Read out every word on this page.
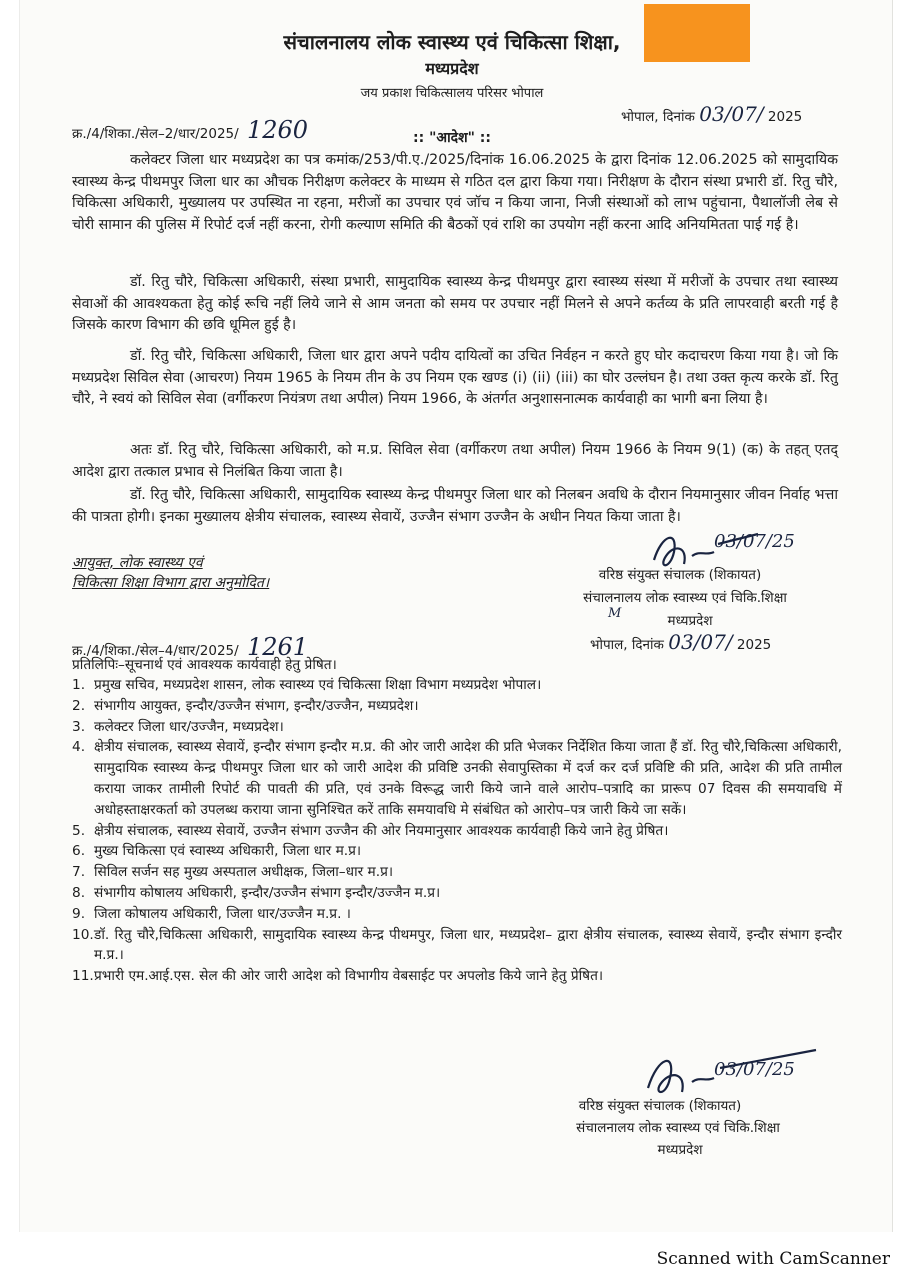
संचालनालय लोक स्वास्थ्य एवं चिकित्सा शिक्षा,
मध्यप्रदेश
जय प्रकाश चिकित्सालय परिसर भोपाल
क्र./4/शिका./सेल–2/धार/2025/ 1260	भोपाल, दिनांक 03/07/ 2025
:: "आदेश" ::
कलेक्टर जिला धार मध्यप्रदेश का पत्र कमांक/253/पी.ए./2025/दिनांक 16.06.2025 के द्वारा दिनांक 12.06.2025 को सामुदायिक स्वास्थ्य केन्द्र पीथमपुर जिला धार का औचक निरीक्षण कलेक्टर के माध्यम से गठित दल द्वारा किया गया। निरीक्षण के दौरान संस्था प्रभारी डॉ. रितु चौरे, चिकित्सा अधिकारी, मुख्यालय पर उपस्थित ना रहना, मरीजों का उपचार एवं जॉच न किया जाना, निजी संस्थाओं को लाभ पहुंचाना, पैथालॉजी लेब से चोरी सामान की पुलिस में रिपोर्ट दर्ज नहीं करना, रोगी कल्याण समिति की बैठकों एवं राशि का उपयोग नहीं करना आदि अनियमितता पाई गई है।
डॉ. रितु चौरे, चिकित्सा अधिकारी, संस्था प्रभारी, सामुदायिक स्वास्थ्य केन्द्र पीथमपुर द्वारा स्वास्थ्य संस्था में मरीजों के उपचार तथा स्वास्थ्य सेवाओं की आवश्यकता हेतु कोई रूचि नहीं लिये जाने से आम जनता को समय पर उपचार नहीं मिलने से अपने कर्तव्य के प्रति लापरवाही बरती गई है जिसके कारण विभाग की छवि धूमिल हुई है।
डॉ. रितु चौरे, चिकित्सा अधिकारी, जिला धार द्वारा अपने पदीय दायित्वों का उचित निर्वहन न करते हुए घोर कदाचरण किया गया है। जो कि मध्यप्रदेश सिविल सेवा (आचरण) नियम 1965 के नियम तीन के उप नियम एक खण्ड (i) (ii) (iii) का घोर उल्लंघन है। तथा उक्त कृत्य करके डॉ. रितु चौरे, ने स्वयं को सिविल सेवा (वर्गीकरण नियंत्रण तथा अपील) नियम 1966, के अंतर्गत अनुशासनात्मक कार्यवाही का भागी बना लिया है।
अतः डॉ. रितु चौरे, चिकित्सा अधिकारी, को म.प्र. सिविल सेवा (वर्गीकरण तथा अपील) नियम 1966 के नियम 9(1) (क) के तहत् एतद् आदेश द्वारा तत्काल प्रभाव से निलंबित किया जाता है।
डॉ. रितु चौरे, चिकित्सा अधिकारी, सामुदायिक स्वास्थ्य केन्द्र पीथमपुर जिला धार को निलबन अवधि के दौरान नियमानुसार जीवन निर्वाह भत्ता की पात्रता होगी। इनका मुख्यालय क्षेत्रीय संचालक, स्वास्थ्य सेवायें, उज्जैन संभाग उज्जैन के अधीन नियत किया जाता है।
आयुक्त, लोक स्वास्थ्य एवं
चिकित्सा शिक्षा विभाग द्वारा अनुमोदित।
03/07/25
वरिष्ठ संयुक्त संचालक (शिकायत)
संचालनालय लोक स्वास्थ्य एवं चिकि.शिक्षा
M	मध्यप्रदेश
क्र./4/शिका./सेल–4/धार/2025/ 1261	भोपाल, दिनांक 03/07/ 2025
प्रतिलिपिः–सूचनार्थ एवं आवश्यक कार्यवाही हेतु प्रेषित।
1. प्रमुख सचिव, मध्यप्रदेश शासन, लोक स्वास्थ्य एवं चिकित्सा शिक्षा विभाग मध्यप्रदेश भोपाल।
2. संभागीय आयुक्त, इन्दौर/उज्जैन संभाग, इन्दौर/उज्जैन, मध्यप्रदेश।
3. कलेक्टर जिला धार/उज्जैन, मध्यप्रदेश।
4. क्षेत्रीय संचालक, स्वास्थ्य सेवायें, इन्दौर संभाग इन्दौर म.प्र. की ओर जारी आदेश की प्रति भेजकर निर्देशित किया जाता हैं डॉ. रितु चौरे,चिकित्सा अधिकारी, सामुदायिक स्वास्थ्य केन्द्र पीथमपुर जिला धार को जारी आदेश की प्रविष्टि उनकी सेवापुस्तिका में दर्ज कर दर्ज प्रविष्टि की प्रति, आदेश की प्रति तामील कराया जाकर तामीली रिपोर्ट की पावती की प्रति, एवं उनके विरूद्ध जारी किये जाने वाले आरोप–पत्रादि का प्रारूप 07 दिवस की समयावधि में अधोहस्ताक्षरकर्ता को उपलब्ध कराया जाना सुनिश्चित करें ताकि समयावधि मे संबंधित को आरोप–पत्र जारी किये जा सकें।
5. क्षेत्रीय संचालक, स्वास्थ्य सेवायें, उज्जैन संभाग उज्जैन की ओर नियमानुसार आवश्यक कार्यवाही किये जाने हेतु प्रेषित।
6. मुख्य चिकित्सा एवं स्वास्थ्य अधिकारी, जिला धार म.प्र।
7. सिविल सर्जन सह मुख्य अस्पताल अधीक्षक, जिला–धार म.प्र।
8. संभागीय कोषालय अधिकारी, इन्दौर/उज्जैन संभाग इन्दौर/उज्जैन म.प्र।
9. जिला कोषालय अधिकारी, जिला धार/उज्जैन म.प्र. ।
10. डॉ. रितु चौरे,चिकित्सा अधिकारी, सामुदायिक स्वास्थ्य केन्द्र पीथमपुर, जिला धार, मध्यप्रदेश– द्वारा क्षेत्रीय संचालक, स्वास्थ्य सेवायें, इन्दौर संभाग इन्दौर म.प्र.।
11. प्रभारी एम.आई.एस. सेल की ओर जारी आदेश को विभागीय वेबसाईट पर अपलोड किये जाने हेतु प्रेषित।
03/07/25
वरिष्ठ संयुक्त संचालक (शिकायत)
संचालनालय लोक स्वास्थ्य एवं चिकि.शिक्षा
मध्यप्रदेश
Scanned with CamScanner
